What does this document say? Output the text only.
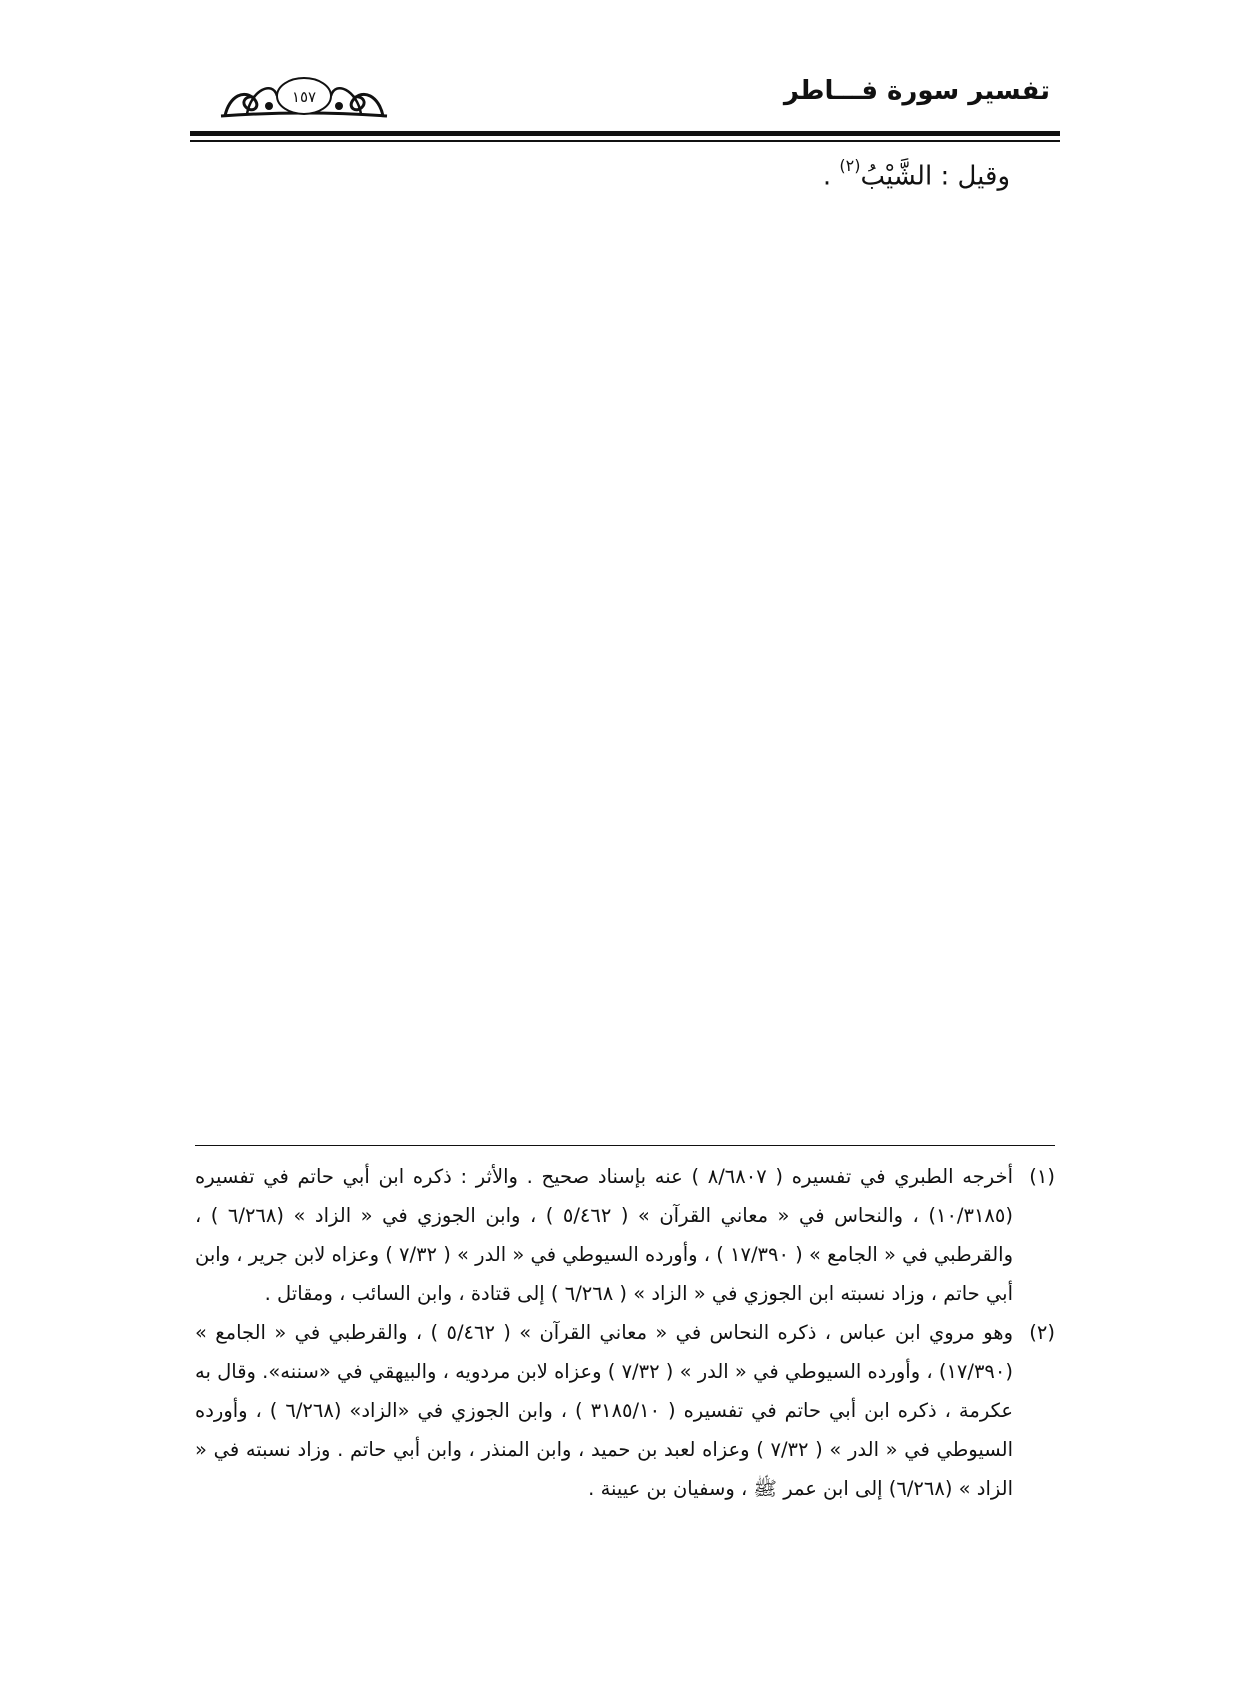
تفسير سورة فـــاطر
١٥٧
وقيل : الشَّيْبُ$^{(٢)}$ .
(١)
أخرجه الطبري في تفسيره ( ٨/٦٨٠٧ ) عنه بإسناد صحيح . والأثر : ذكره ابن أبي حاتم في تفسيره (١٠/٣١٨٥) ، والنحاس في « معاني القرآن » ( ٥/٤٦٢ ) ، وابن الجوزي في « الزاد » (٦/٢٦٨ ) ، والقرطبي في « الجامع » ( ١٧/٣٩٠ ) ، وأورده السيوطي في « الدر » ( ٧/٣٢ ) وعزاه لابن جرير ، وابن أبي حاتم ، وزاد نسبته ابن الجوزي في « الزاد » ( ٦/٢٦٨ ) إلى قتادة ، وابن السائب ، ومقاتل .
(٢)
وهو مروي ابن عباس ، ذكره النحاس في « معاني القرآن » ( ٥/٤٦٢ ) ، والقرطبي في « الجامع » (١٧/٣٩٠) ، وأورده السيوطي في « الدر » ( ٧/٣٢ ) وعزاه لابن مردويه ، والبيهقي في «سننه». وقال به عكرمة ، ذكره ابن أبي حاتم في تفسيره ( ٣١٨٥/١٠ ) ، وابن الجوزي في «الزاد» (٦/٢٦٨ ) ، وأورده السيوطي في « الدر » ( ٧/٣٢ ) وعزاه لعبد بن حميد ، وابن المنذر ، وابن أبي حاتم . وزاد نسبته في « الزاد » (٦/٢٦٨) إلى ابن عمر ﷺ ، وسفيان بن عيينة .
